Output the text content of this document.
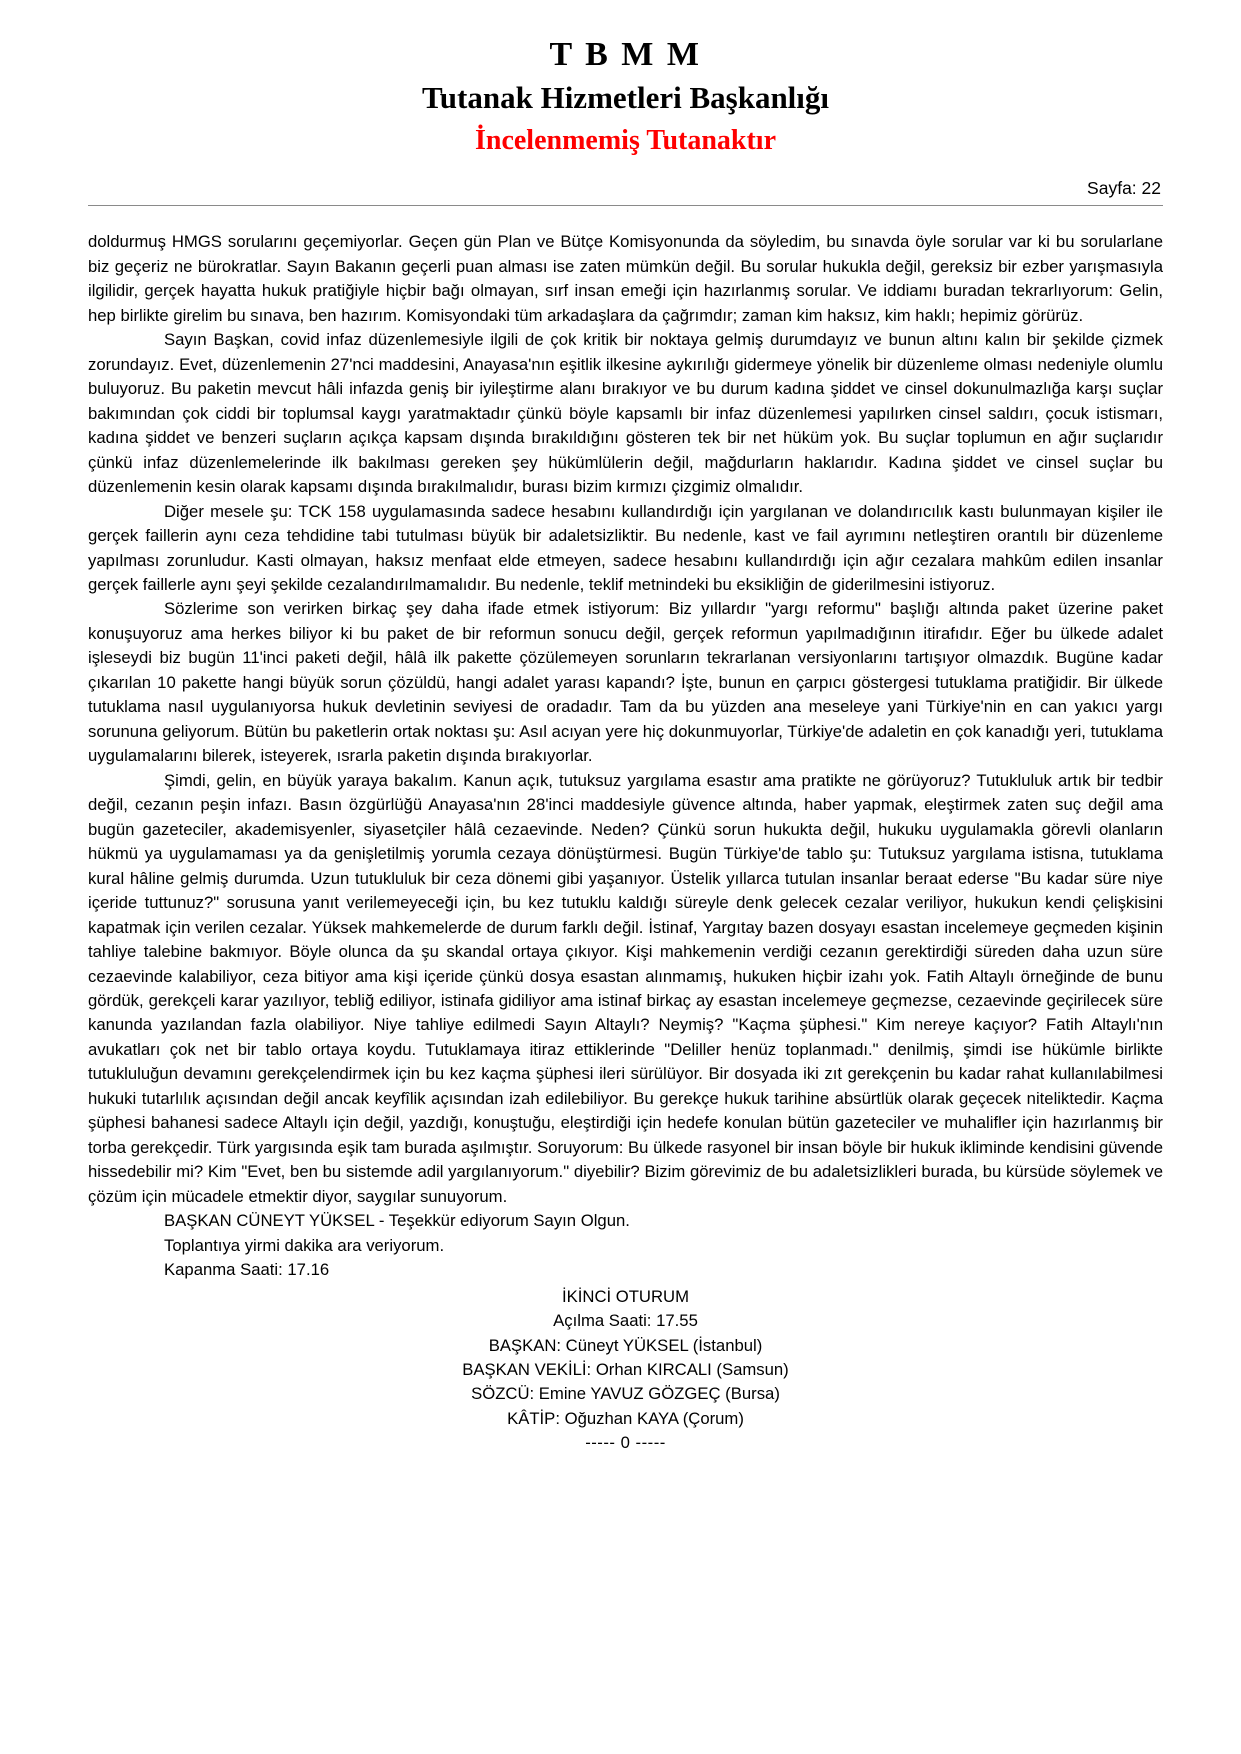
T B M M
Tutanak Hizmetleri Başkanlığı
İncelenmemiş Tutanaktır
Sayfa: 22

doldurmuş HMGS sorularını geçemiyorlar. Geçen gün Plan ve Bütçe Komisyonunda da söyledim, bu sınavda öyle sorular var ki bu sorularlane biz geçeriz ne bürokratlar. Sayın Bakanın geçerli puan alması ise zaten mümkün değil. Bu sorular hukukla değil, gereksiz bir ezber yarışmasıyla ilgilidir, gerçek hayatta hukuk pratiğiyle hiçbir bağı olmayan, sırf insan emeği için hazırlanmış sorular. Ve iddiamı buradan tekrarlıyorum: Gelin, hep birlikte girelim bu sınava, ben hazırım. Komisyondaki tüm arkadaşlara da çağrımdır; zaman kim haksız, kim haklı; hepimiz görürüz.

Sayın Başkan, covid infaz düzenlemesiyle ilgili de çok kritik bir noktaya gelmiş durumdayız ve bunun altını kalın bir şekilde çizmek zorundayız. Evet, düzenlemenin 27'nci maddesini, Anayasa'nın eşitlik ilkesine aykırılığı gidermeye yönelik bir düzenleme olması nedeniyle olumlu buluyoruz. Bu paketin mevcut hâli infazda geniş bir iyileştirme alanı bırakıyor ve bu durum kadına şiddet ve cinsel dokunulmazlığa karşı suçlar bakımından çok ciddi bir toplumsal kaygı yaratmaktadır çünkü böyle kapsamlı bir infaz düzenlemesi yapılırken cinsel saldırı, çocuk istismarı, kadına şiddet ve benzeri suçların açıkça kapsam dışında bırakıldığını gösteren tek bir net hüküm yok. Bu suçlar toplumun en ağır suçlarıdır çünkü infaz düzenlemelerinde ilk bakılması gereken şey hükümlülerin değil, mağdurların haklarıdır. Kadına şiddet ve cinsel suçlar bu düzenlemenin kesin olarak kapsamı dışında bırakılmalıdır, burası bizim kırmızı çizgimiz olmalıdır.

Diğer mesele şu: TCK 158 uygulamasında sadece hesabını kullandırdığı için yargılanan ve dolandırıcılık kastı bulunmayan kişiler ile gerçek faillerin aynı ceza tehdidine tabi tutulması büyük bir adaletsizliktir. Bu nedenle, kast ve fail ayrımını netleştiren orantılı bir düzenleme yapılması zorunludur. Kasti olmayan, haksız menfaat elde etmeyen, sadece hesabını kullandırdığı için ağır cezalara mahkûm edilen insanlar gerçek faillerle aynı şeyi şekilde cezalandırılmamalıdır. Bu nedenle, teklif metnindeki bu eksikliğin de giderilmesini istiyoruz.

Sözlerime son verirken birkaç şey daha ifade etmek istiyorum: Biz yıllardır "yargı reformu" başlığı altında paket üzerine paket konuşuyoruz ama herkes biliyor ki bu paket de bir reformun sonucu değil, gerçek reformun yapılmadığının itirafıdır. Eğer bu ülkede adalet işleseydi biz bugün 11'inci paketi değil, hâlâ ilk pakette çözülemeyen sorunların tekrarlanan versiyonlarını tartışıyor olmazdık. Bugüne kadar çıkarılan 10 pakette hangi büyük sorun çözüldü, hangi adalet yarası kapandı? İşte, bunun en çarpıcı göstergesi tutuklama pratiğidir. Bir ülkede tutuklama nasıl uygulanıyorsa hukuk devletinin seviyesi de oradadır. Tam da bu yüzden ana meseleye yani Türkiye'nin en can yakıcı yargı sorununa geliyorum. Bütün bu paketlerin ortak noktası şu: Asıl acıyan yere hiç dokunmuyorlar, Türkiye'de adaletin en çok kanadığı yeri, tutuklama uygulamalarını bilerek, isteyerek, ısrarla paketin dışında bırakıyorlar.

Şimdi, gelin, en büyük yaraya bakalım. Kanun açık, tutuksuz yargılama esastır ama pratikte ne görüyoruz? Tutukluluk artık bir tedbir değil, cezanın peşin infazı. Basın özgürlüğü Anayasa'nın 28'inci maddesiyle güvence altında, haber yapmak, eleştirmek zaten suç değil ama bugün gazeteciler, akademisyenler, siyasetçiler hâlâ cezaevinde. Neden? Çünkü sorun hukukta değil, hukuku uygulamakla görevli olanların hükmü ya uygulamaması ya da genişletilmiş yorumla cezaya dönüştürmesi. Bugün Türkiye'de tablo şu: Tutuksuz yargılama istisna, tutuklama kural hâline gelmiş durumda. Uzun tutukluluk bir ceza dönemi gibi yaşanıyor. Üstelik yıllarca tutulan insanlar beraat ederse "Bu kadar süre niye içeride tuttunuz?" sorusuna yanıt verilemeyeceği için, bu kez tutuklu kaldığı süreyle denk gelecek cezalar veriliyor, hukukun kendi çelişkisini kapatmak için verilen cezalar. Yüksek mahkemelerde de durum farklı değil. İstinaf, Yargıtay bazen dosyayı esastan incelemeye geçmeden kişinin tahliye talebine bakmıyor. Böyle olunca da şu skandal ortaya çıkıyor. Kişi mahkemenin verdiği cezanın gerektirdiği süreden daha uzun süre cezaevinde kalabiliyor, ceza bitiyor ama kişi içeride çünkü dosya esastan alınmamış, hukuken hiçbir izahı yok. Fatih Altaylı örneğinde de bunu gördük, gerekçeli karar yazılıyor, tebliğ ediliyor, istinafa gidiliyor ama istinaf birkaç ay esastan incelemeye geçmezse, cezaevinde geçirilecek süre kanunda yazılandan fazla olabiliyor. Niye tahliye edilmedi Sayın Altaylı? Neymiş? "Kaçma şüphesi." Kim nereye kaçıyor? Fatih Altaylı'nın avukatları çok net bir tablo ortaya koydu. Tutuklamaya itiraz ettiklerinde "Deliller henüz toplanmadı." denilmiş, şimdi ise hükümle birlikte tutukluluğun devamını gerekçelendirmek için bu kez kaçma şüphesi ileri sürülüyor. Bir dosyada iki zıt gerekçenin bu kadar rahat kullanılabilmesi hukuki tutarlılık açısından değil ancak keyfîlik açısından izah edilebiliyor. Bu gerekçe hukuk tarihine absürtlük olarak geçecek niteliktedir. Kaçma şüphesi bahanesi sadece Altaylı için değil, yazdığı, konuştuğu, eleştirdiği için hedefe konulan bütün gazeteciler ve muhalifler için hazırlanmış bir torba gerekçedir. Türk yargısında eşik tam burada aşılmıştır. Soruyorum: Bu ülkede rasyonel bir insan böyle bir hukuk ikliminde kendisini güvende hissedebilir mi? Kim "Evet, ben bu sistemde adil yargılanıyorum." diyebilir? Bizim görevimiz de bu adaletsizlikleri burada, bu kürsüde söylemek ve çözüm için mücadele etmektir diyor, saygılar sunuyorum.

BAŞKAN CÜNEYT YÜKSEL - Teşekkür ediyorum Sayın Olgun.
Toplantıya yirmi dakika ara veriyorum.
Kapanma Saati: 17.16
İKİNCİ OTURUM
Açılma Saati: 17.55
BAŞKAN: Cüneyt YÜKSEL (İstanbul)
BAŞKAN VEKİLİ: Orhan KIRCALI (Samsun)
SÖZCÜ: Emine YAVUZ GÖZGEÇ (Bursa)
KÂTİP: Oğuzhan KAYA (Çorum)
----- 0 -----
